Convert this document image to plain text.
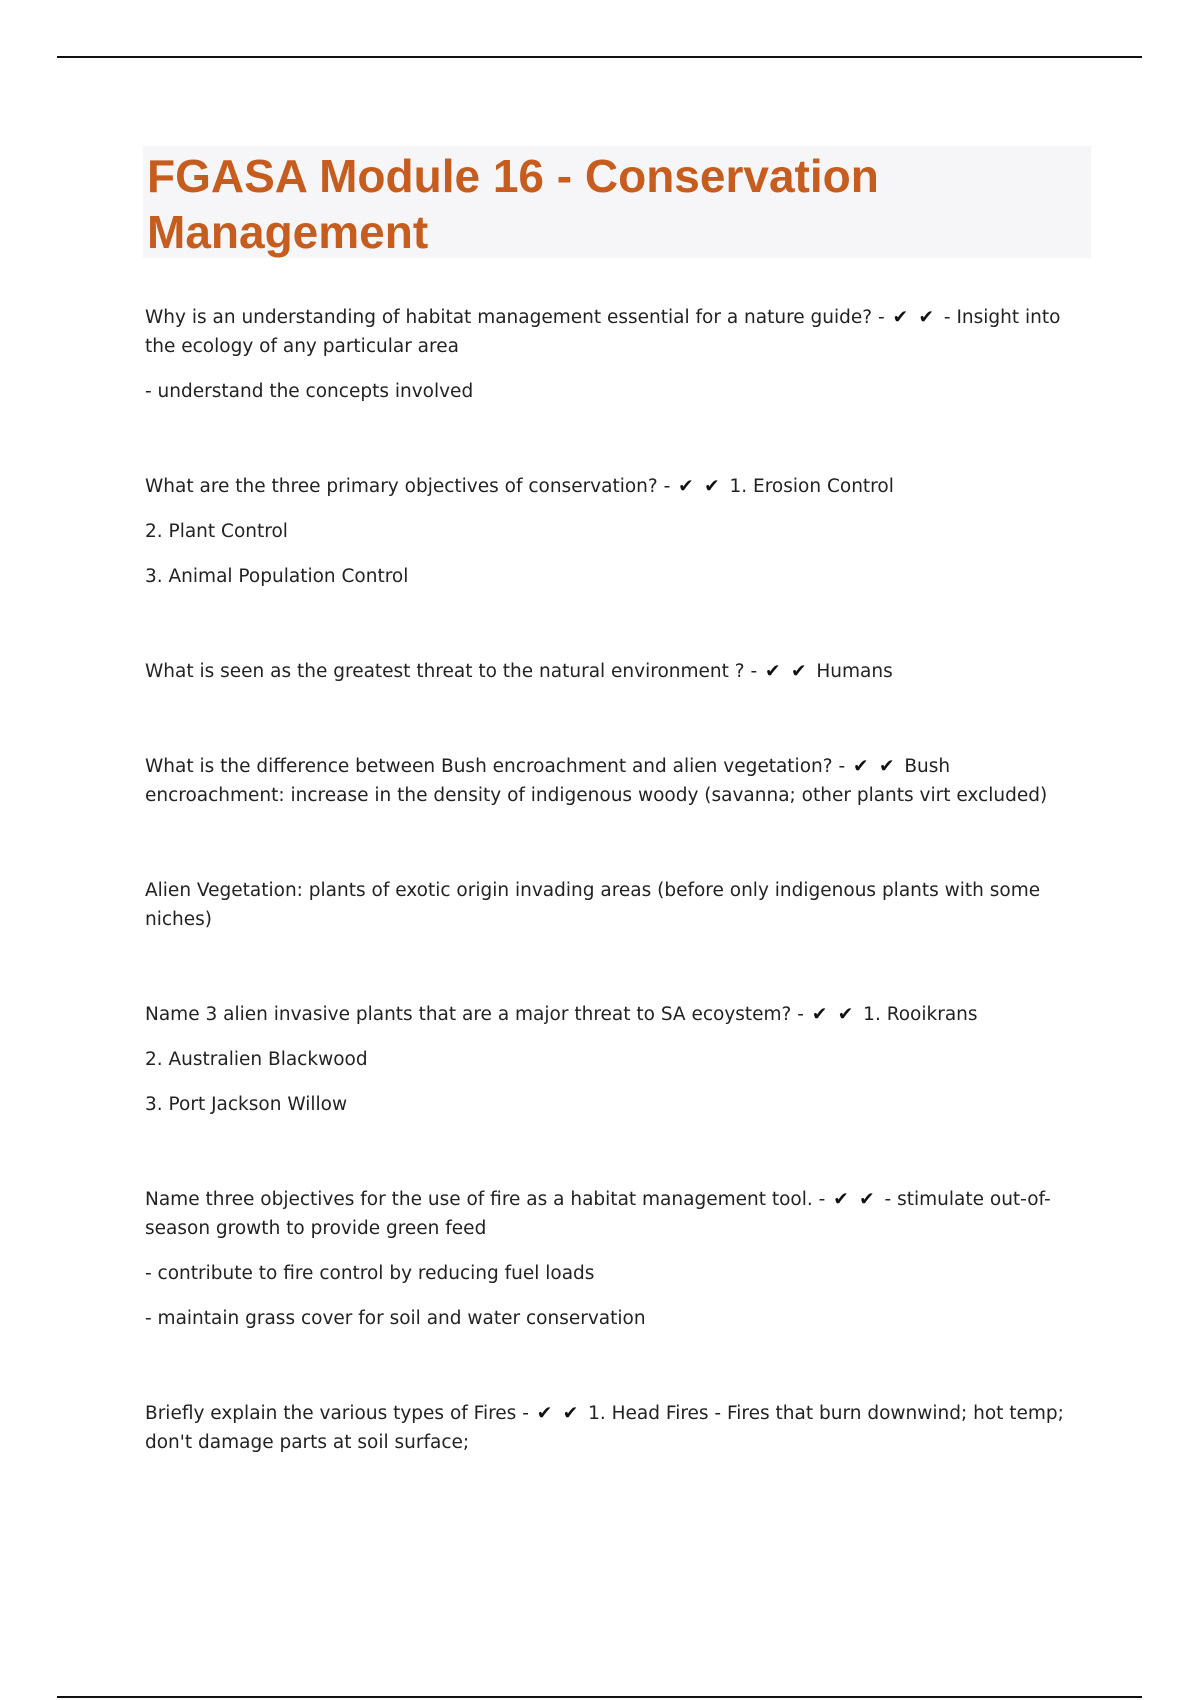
FGASA Module 16 - Conservation
Management

Why is an understanding of habitat management essential for a nature guide? - ✔ ✔ - Insight into the ecology of any particular area

- understand the concepts involved

What are the three primary objectives of conservation? - ✔ ✔ 1. Erosion Control

2. Plant Control

3. Animal Population Control

What is seen as the greatest threat to the natural environment ? - ✔ ✔ Humans

What is the difference between Bush encroachment and alien vegetation? - ✔ ✔ Bush encroachment: increase in the density of indigenous woody (savanna; other plants virt excluded)

Alien Vegetation: plants of exotic origin invading areas (before only indigenous plants with some niches)

Name 3 alien invasive plants that are a major threat to SA ecoystem? - ✔ ✔ 1. Rooikrans

2. Australien Blackwood

3. Port Jackson Willow

Name three objectives for the use of fire as a habitat management tool. - ✔ ✔ - stimulate out-of-season growth to provide green feed

- contribute to fire control by reducing fuel loads

- maintain grass cover for soil and water conservation

Briefly explain the various types of Fires - ✔ ✔ 1. Head Fires - Fires that burn downwind; hot temp; don't damage parts at soil surface;
